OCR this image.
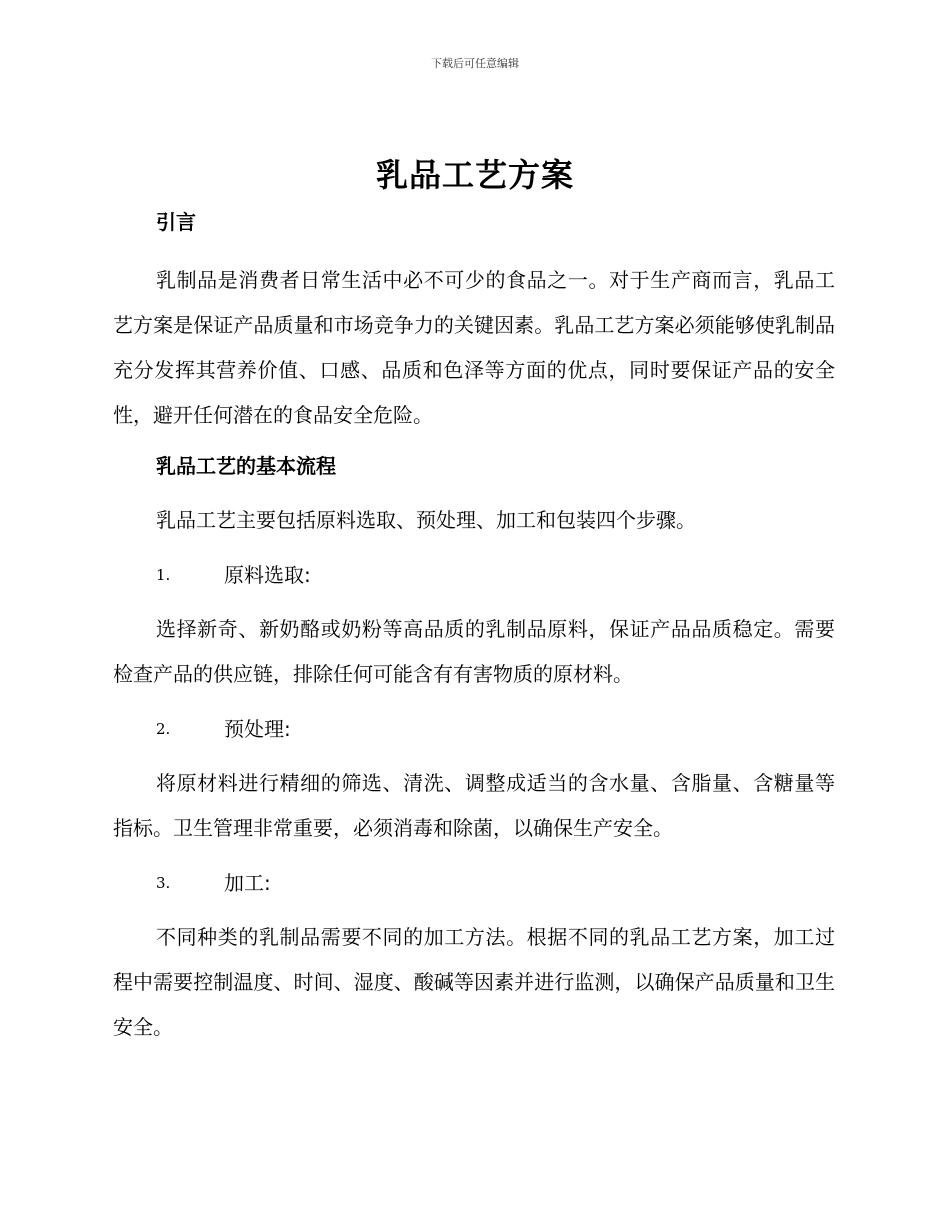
下载后可任意编辑
乳品工艺方案
引言

乳制品是消费者日常生活中必不可少的食品之一。对于生产商而言，乳品工艺方案是保证产品质量和市场竞争力的关键因素。乳品工艺方案必须能够使乳制品充分发挥其营养价值、口感、品质和色泽等方面的优点，同时要保证产品的安全性，避开任何潜在的食品安全危险。

乳品工艺的基本流程

乳品工艺主要包括原料选取、预处理、加工和包装四个步骤。

1.	原料选取:

选择新奇、新奶酪或奶粉等高品质的乳制品原料，保证产品品质稳定。需要检查产品的供应链，排除任何可能含有有害物质的原材料。

2.	预处理:

将原材料进行精细的筛选、清洗、调整成适当的含水量、含脂量、含糖量等指标。卫生管理非常重要，必须消毒和除菌，以确保生产安全。

3.	加工:

不同种类的乳制品需要不同的加工方法。根据不同的乳品工艺方案，加工过程中需要控制温度、时间、湿度、酸碱等因素并进行监测，以确保产品质量和卫生安全。
